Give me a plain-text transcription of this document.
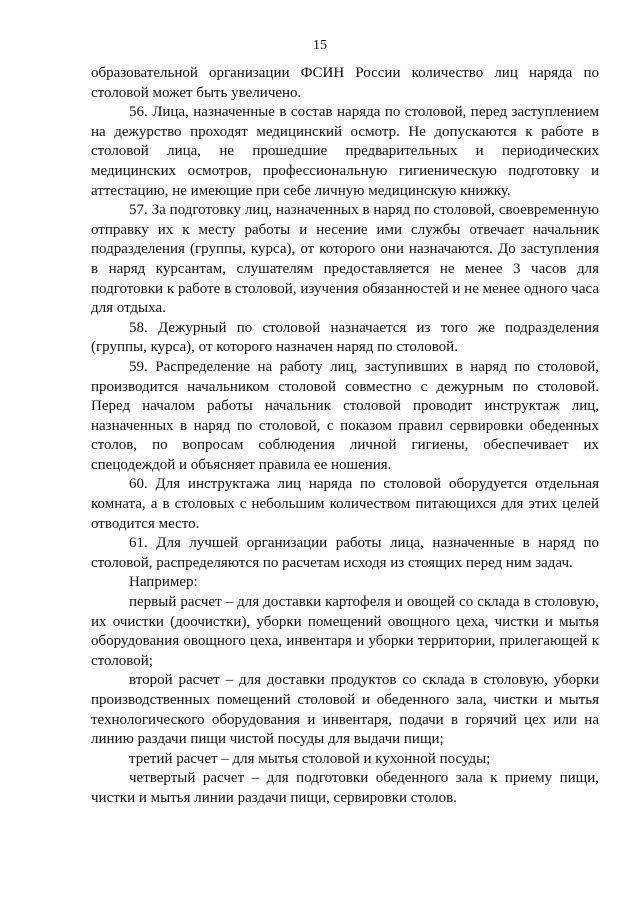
15

образовательной организации ФСИН России количество лиц наряда по столовой может быть увеличено.

56. Лица, назначенные в состав наряда по столовой, перед заступлением на дежурство проходят медицинский осмотр. Не допускаются к работе в столовой лица, не прошедшие предварительных и периодических медицинских осмотров, профессиональную гигиеническую подготовку и аттестацию, не имеющие при себе личную медицинскую книжку.

57. За подготовку лиц, назначенных в наряд по столовой, своевременную отправку их к месту работы и несение ими службы отвечает начальник подразделения (группы, курса), от которого они назначаются. До заступления в наряд курсантам, слушателям предоставляется не менее 3 часов для подготовки к работе в столовой, изучения обязанностей и не менее одного часа для отдыха.

58. Дежурный по столовой назначается из того же подразделения (группы, курса), от которого назначен наряд по столовой.

59. Распределение на работу лиц, заступивших в наряд по столовой, производится начальником столовой совместно с дежурным по столовой. Перед началом работы начальник столовой проводит инструктаж лиц, назначенных в наряд по столовой, с показом правил сервировки обеденных столов, по вопросам соблюдения личной гигиены, обеспечивает их спецодеждой и объясняет правила ее ношения.

60. Для инструктажа лиц наряда по столовой оборудуется отдельная комната, а в столовых с небольшим количеством питающихся для этих целей отводится место.

61. Для лучшей организации работы лица, назначенные в наряд по столовой, распределяются по расчетам исходя из стоящих перед ним задач.

Например:

первый расчет – для доставки картофеля и овощей со склада в столовую, их очистки (доочистки), уборки помещений овощного цеха, чистки и мытья оборудования овощного цеха, инвентаря и уборки территории, прилегающей к столовой;

второй расчет – для доставки продуктов со склада в столовую, уборки производственных помещений столовой и обеденного зала, чистки и мытья технологического оборудования и инвентаря, подачи в горячий цех или на линию раздачи пищи чистой посуды для выдачи пищи;

третий расчет – для мытья столовой и кухонной посуды;

четвертый расчет – для подготовки обеденного зала к приему пищи, чистки и мытья линии раздачи пищи, сервировки столов.
